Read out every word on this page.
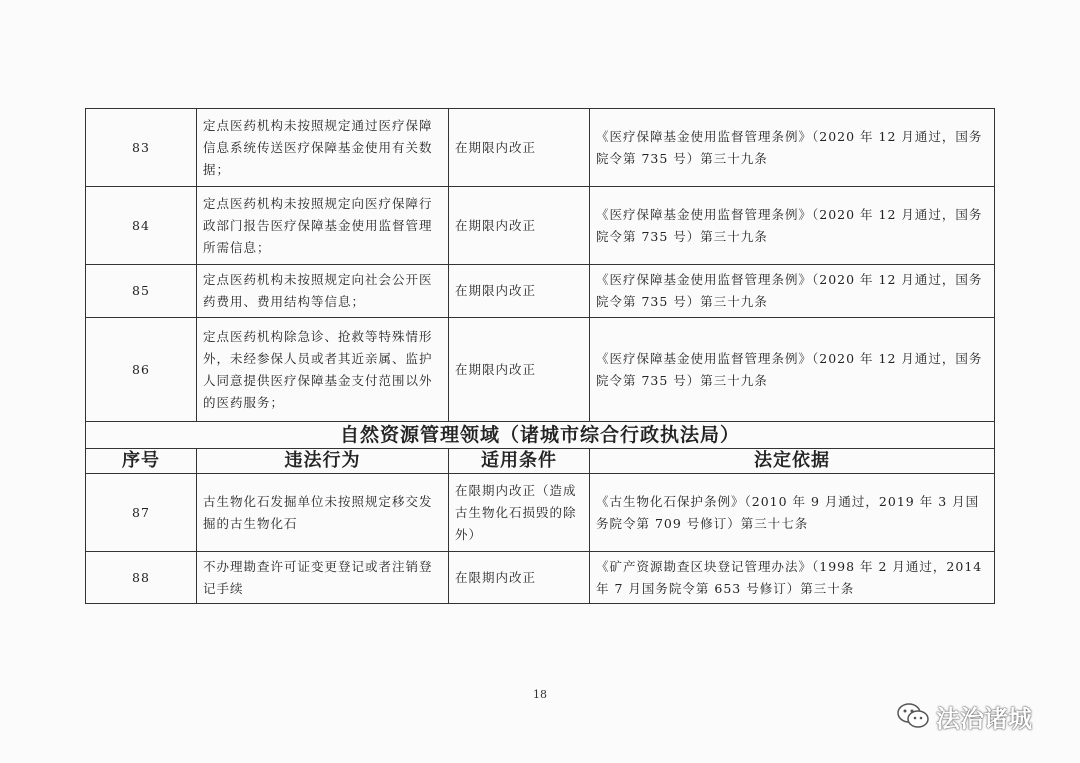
83	定点医药机构未按照规定通过医疗保障信息系统传送医疗保障基金使用有关数据；	在期限内改正	《医疗保障基金使用监督管理条例》（2020 年 12 月通过，国务院令第 735 号）第三十九条
84	定点医药机构未按照规定向医疗保障行政部门报告医疗保障基金使用监督管理所需信息；	在期限内改正	《医疗保障基金使用监督管理条例》（2020 年 12 月通过，国务院令第 735 号）第三十九条
85	定点医药机构未按照规定向社会公开医药费用、费用结构等信息；	在期限内改正	《医疗保障基金使用监督管理条例》（2020 年 12 月通过，国务院令第 735 号）第三十九条
86	定点医药机构除急诊、抢救等特殊情形外，未经参保人员或者其近亲属、监护人同意提供医疗保障基金支付范围以外的医药服务；	在期限内改正	《医疗保障基金使用监督管理条例》（2020 年 12 月通过，国务院令第 735 号）第三十九条
自然资源管理领域（诸城市综合行政执法局）			
序号	违法行为	适用条件	法定依据
87	古生物化石发掘单位未按照规定移交发掘的古生物化石	在限期内改正（造成古生物化石损毁的除外）	《古生物化石保护条例》（2010 年 9 月通过，2019 年 3 月国务院令第 709 号修订）第三十七条
88	不办理勘查许可证变更登记或者注销登记手续	在限期内改正	《矿产资源勘查区块登记管理办法》（1998 年 2 月通过，2014 年 7 月国务院令第 653 号修订）第三十条
18
法治诸城
